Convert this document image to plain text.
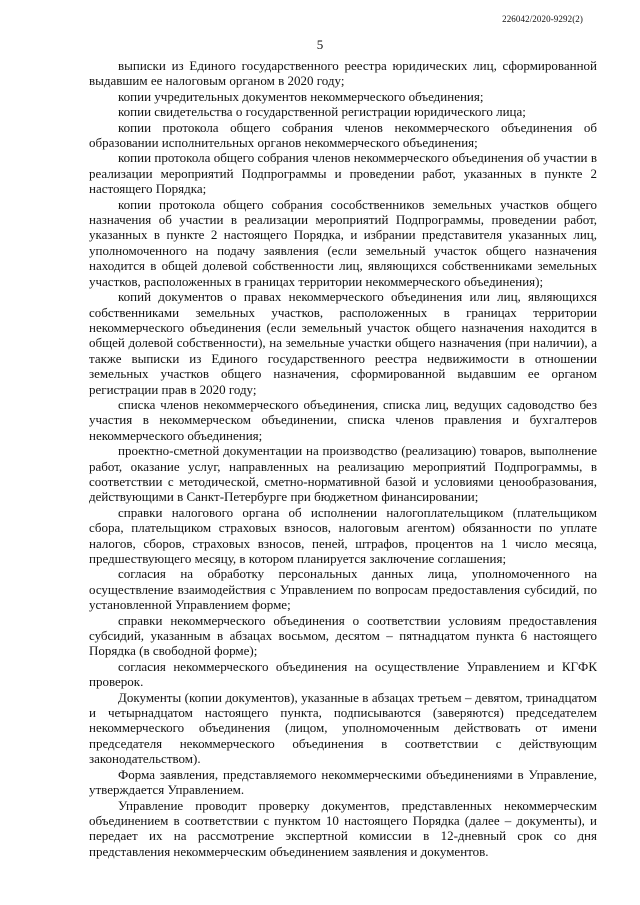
226042/2020-9292(2)
5

выписки из Единого государственного реестра юридических лиц, сформированной выдавшим ее налоговым органом в 2020 году;

копии учредительных документов некоммерческого объединения;

копии свидетельства о государственной регистрации юридического лица;

копии протокола общего собрания членов некоммерческого объединения об образовании исполнительных органов некоммерческого объединения;

копии протокола общего собрания членов некоммерческого объединения об участии в реализации мероприятий Подпрограммы и проведении работ, указанных в пункте 2 настоящего Порядка;

копии протокола общего собрания сособственников земельных участков общего назначения об участии в реализации мероприятий Подпрограммы, проведении работ, указанных в пункте 2 настоящего Порядка, и избрании представителя указанных лиц, уполномоченного на подачу заявления (если земельный участок общего назначения находится в общей долевой собственности лиц, являющихся собственниками земельных участков, расположенных в границах территории некоммерческого объединения);

копий документов о правах некоммерческого объединения или лиц, являющихся собственниками земельных участков, расположенных в границах территории некоммерческого объединения (если земельный участок общего назначения находится в общей долевой собственности), на земельные участки общего назначения (при наличии), а также выписки из Единого государственного реестра недвижимости в отношении земельных участков общего назначения, сформированной выдавшим ее органом регистрации прав в 2020 году;

списка членов некоммерческого объединения, списка лиц, ведущих садоводство без участия в некоммерческом объединении, списка членов правления и бухгалтеров некоммерческого объединения;

проектно-сметной документации на производство (реализацию) товаров, выполнение работ, оказание услуг, направленных на реализацию мероприятий Подпрограммы, в соответствии с методической, сметно-нормативной базой и условиями ценообразования, действующими в Санкт-Петербурге при бюджетном финансировании;

справки налогового органа об исполнении налогоплательщиком (плательщиком сбора, плательщиком страховых взносов, налоговым агентом) обязанности по уплате налогов, сборов, страховых взносов, пеней, штрафов, процентов на 1 число месяца, предшествующего месяцу, в котором планируется заключение соглашения;

согласия на обработку персональных данных лица, уполномоченного на осуществление взаимодействия с Управлением по вопросам предоставления субсидий, по установленной Управлением форме;

справки некоммерческого объединения о соответствии условиям предоставления субсидий, указанным в абзацах восьмом, десятом – пятнадцатом пункта 6 настоящего Порядка (в свободной форме);

согласия некоммерческого объединения на осуществление Управлением и КГФК проверок.

Документы (копии документов), указанные в абзацах третьем – девятом, тринадцатом и четырнадцатом настоящего пункта, подписываются (заверяются) председателем некоммерческого объединения (лицом, уполномоченным действовать от имени председателя некоммерческого объединения в соответствии с действующим законодательством).

Форма заявления, представляемого некоммерческими объединениями в Управление, утверждается Управлением.

Управление проводит проверку документов, представленных некоммерческим объединением в соответствии с пунктом 10 настоящего Порядка (далее – документы), и передает их на рассмотрение экспертной комиссии в 12-дневный срок со дня представления некоммерческим объединением заявления и документов.
